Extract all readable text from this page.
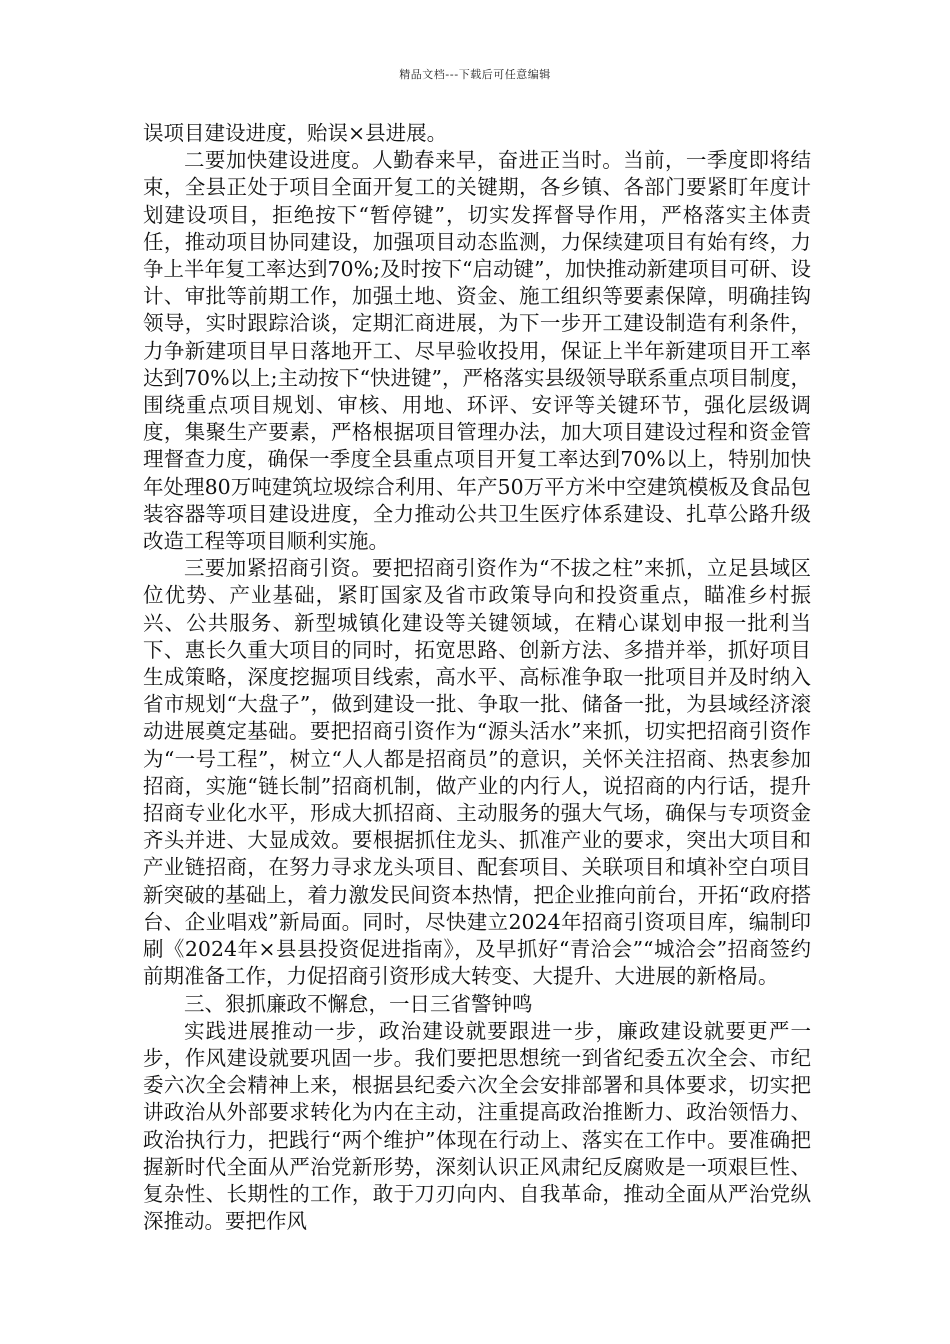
精品文档---下载后可任意编辑

误项目建设进度，贻误×县进展。

二要加快建设进度。人勤春来早，奋进正当时。当前，一季度即将结束，全县正处于项目全面开复工的关键期，各乡镇、各部门要紧盯年度计划建设项目，拒绝按下“暂停键”，切实发挥督导作用，严格落实主体责任，推动项目协同建设，加强项目动态监测，力保续建项目有始有终，力争上半年复工率达到70%;及时按下“启动键”，加快推动新建项目可研、设计、审批等前期工作，加强土地、资金、施工组织等要素保障，明确挂钩领导，实时跟踪洽谈，定期汇商进展，为下一步开工建设制造有利条件，力争新建项目早日落地开工、尽早验收投用，保证上半年新建项目开工率达到70%以上;主动按下“快进键”，严格落实县级领导联系重点项目制度，围绕重点项目规划、审核、用地、环评、安评等关键环节，强化层级调度，集聚生产要素，严格根据项目管理办法，加大项目建设过程和资金管理督查力度，确保一季度全县重点项目开复工率达到70%以上，特别加快年处理80万吨建筑垃圾综合利用、年产50万平方米中空建筑模板及食品包装容器等项目建设进度，全力推动公共卫生医疗体系建设、扎草公路升级改造工程等项目顺利实施。

三要加紧招商引资。要把招商引资作为“不拔之柱”来抓，立足县域区位优势、产业基础，紧盯国家及省市政策导向和投资重点，瞄准乡村振兴、公共服务、新型城镇化建设等关键领域，在精心谋划申报一批利当下、惠长久重大项目的同时，拓宽思路、创新方法、多措并举，抓好项目生成策略，深度挖掘项目线索，高水平、高标准争取一批项目并及时纳入省市规划“大盘子”，做到建设一批、争取一批、储备一批，为县域经济滚动进展奠定基础。要把招商引资作为“源头活水”来抓，切实把招商引资作为“一号工程”，树立“人人都是招商员”的意识，关怀关注招商、热衷参加招商，实施“链长制”招商机制，做产业的内行人，说招商的内行话，提升招商专业化水平，形成大抓招商、主动服务的强大气场，确保与专项资金齐头并进、大显成效。要根据抓住龙头、抓准产业的要求，突出大项目和产业链招商，在努力寻求龙头项目、配套项目、关联项目和填补空白项目新突破的基础上，着力激发民间资本热情，把企业推向前台，开拓“政府搭台、企业唱戏”新局面。同时，尽快建立2024年招商引资项目库，编制印刷《2024年×县县投资促进指南》，及早抓好“青洽会”“城洽会”招商签约前期准备工作，力促招商引资形成大转变、大提升、大进展的新格局。

三、狠抓廉政不懈怠，一日三省警钟鸣

实践进展推动一步，政治建设就要跟进一步，廉政建设就要更严一步，作风建设就要巩固一步。我们要把思想统一到省纪委五次全会、市纪委六次全会精神上来，根据县纪委六次全会安排部署和具体要求，切实把讲政治从外部要求转化为内在主动，注重提高政治推断力、政治领悟力、政治执行力，把践行“两个维护”体现在行动上、落实在工作中。要准确把握新时代全面从严治党新形势，深刻认识正风肃纪反腐败是一项艰巨性、复杂性、长期性的工作，敢于刀刃向内、自我革命，推动全面从严治党纵深推动。要把作风
